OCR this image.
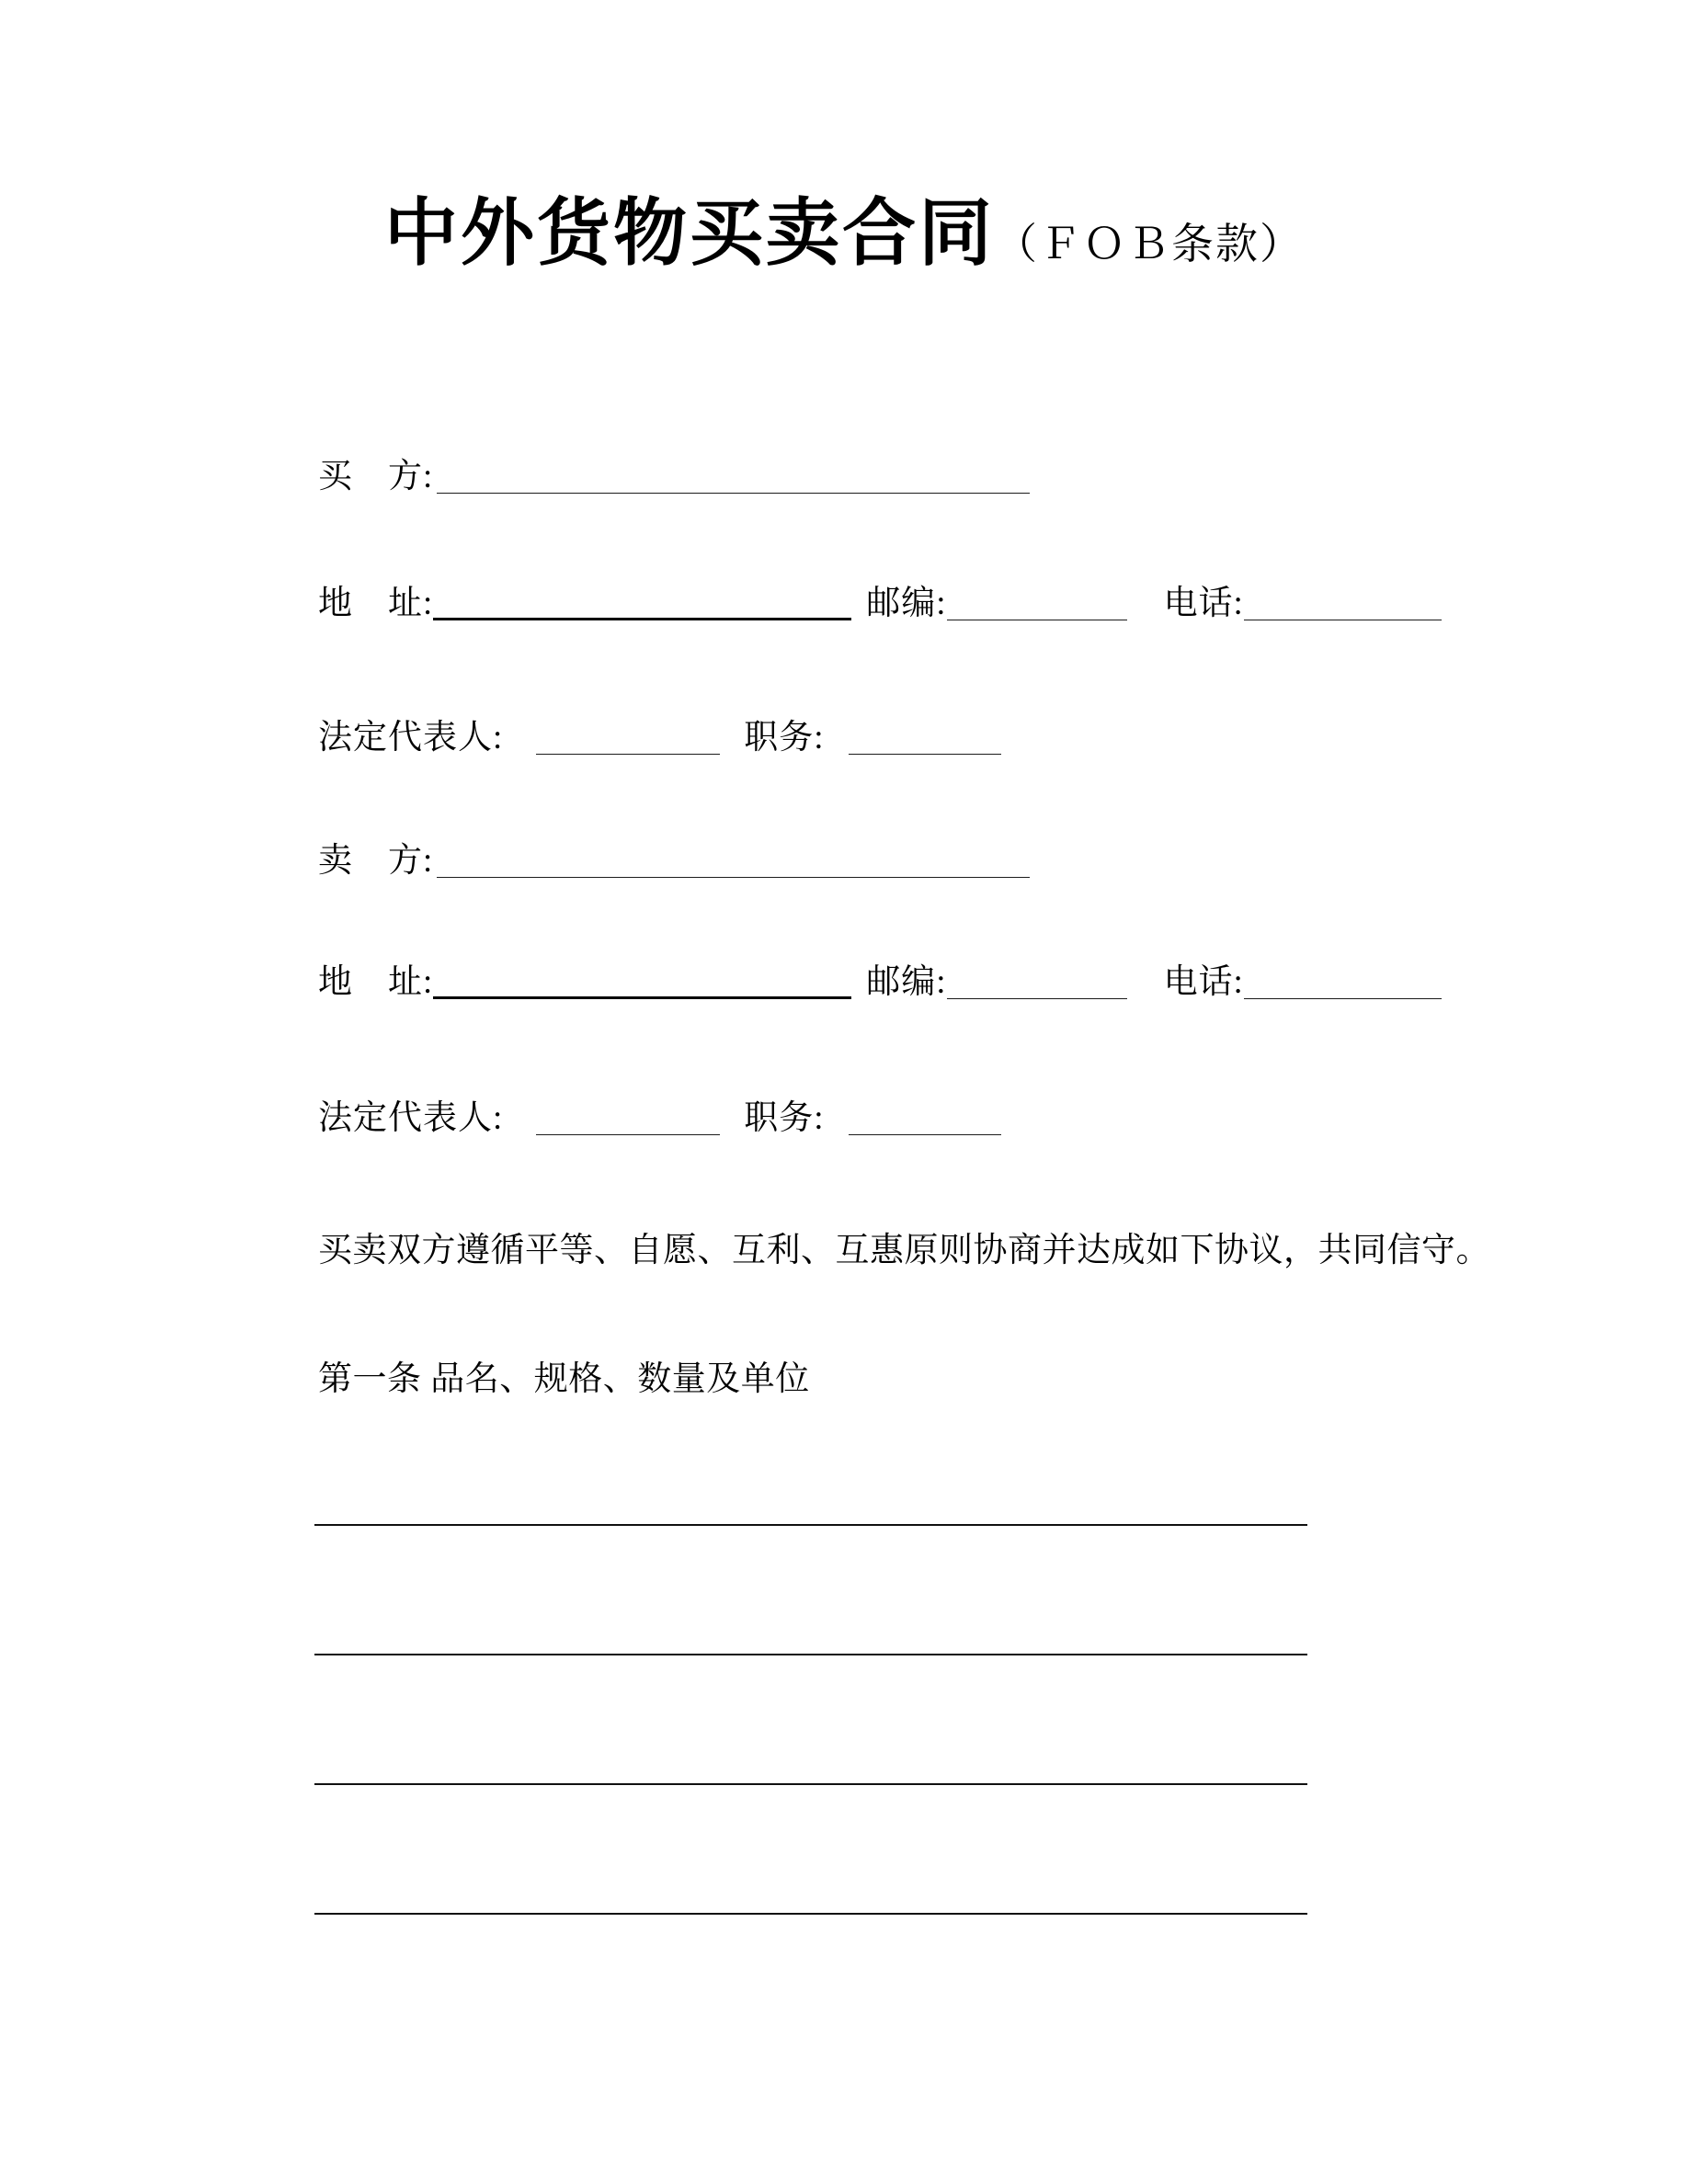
中外货物买卖合同（ＦＯＢ条款）
买　方:
地　址:	邮编:	电话:
法定代表人:	职务:
卖　方:
地　址:	邮编:	电话:
法定代表人:	职务:
买卖双方遵循平等、自愿、互利、互惠原则协商并达成如下协议，共同信守。
第一条 品名、规格、数量及单位
